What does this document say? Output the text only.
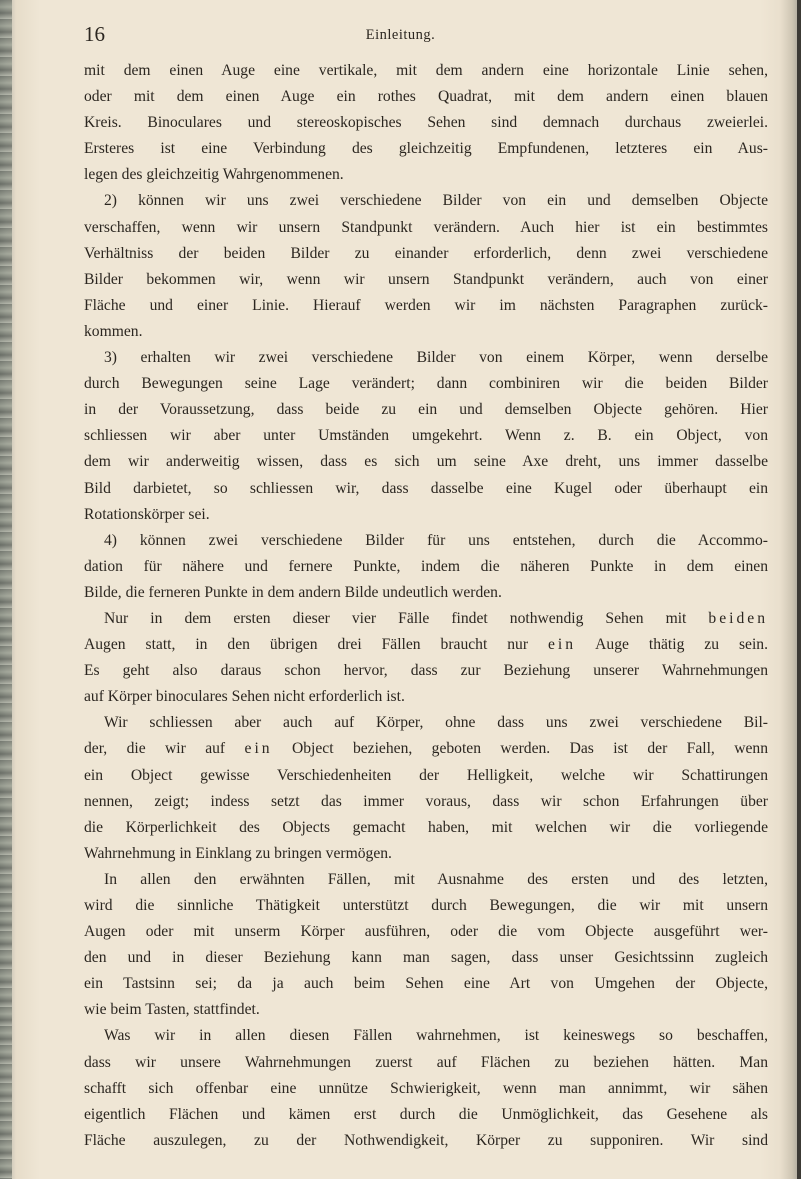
16	Einleitung.
mit dem einen Auge eine vertikale, mit dem andern eine horizontale Linie sehen,
oder mit dem einen Auge ein rothes Quadrat, mit dem andern einen blauen
Kreis. Binoculares und stereoskopisches Sehen sind demnach durchaus zweierlei.
Ersteres ist eine Verbindung des gleichzeitig Empfundenen, letzteres ein Aus-
legen des gleichzeitig Wahrgenommenen.
2) können wir uns zwei verschiedene Bilder von ein und demselben Objecte
verschaffen, wenn wir unsern Standpunkt verändern. Auch hier ist ein bestimmtes
Verhältniss der beiden Bilder zu einander erforderlich, denn zwei verschiedene
Bilder bekommen wir, wenn wir unsern Standpunkt verändern, auch von einer
Fläche und einer Linie. Hierauf werden wir im nächsten Paragraphen zurück-
kommen.
3) erhalten wir zwei verschiedene Bilder von einem Körper, wenn derselbe
durch Bewegungen seine Lage verändert; dann combiniren wir die beiden Bilder
in der Voraussetzung, dass beide zu ein und demselben Objecte gehören. Hier
schliessen wir aber unter Umständen umgekehrt. Wenn z. B. ein Object, von
dem wir anderweitig wissen, dass es sich um seine Axe dreht, uns immer dasselbe
Bild darbietet, so schliessen wir, dass dasselbe eine Kugel oder überhaupt ein
Rotationskörper sei.
4) können zwei verschiedene Bilder für uns entstehen, durch die Accommo-
dation für nähere und fernere Punkte, indem die näheren Punkte in dem einen
Bilde, die ferneren Punkte in dem andern Bilde undeutlich werden.
Nur in dem ersten dieser vier Fälle findet nothwendig Sehen mit beiden
Augen statt, in den übrigen drei Fällen braucht nur ein Auge thätig zu sein.
Es geht also daraus schon hervor, dass zur Beziehung unserer Wahrnehmungen
auf Körper binoculares Sehen nicht erforderlich ist.
Wir schliessen aber auch auf Körper, ohne dass uns zwei verschiedene Bil-
der, die wir auf ein Object beziehen, geboten werden. Das ist der Fall, wenn
ein Object gewisse Verschiedenheiten der Helligkeit, welche wir Schattirungen
nennen, zeigt; indess setzt das immer voraus, dass wir schon Erfahrungen über
die Körperlichkeit des Objects gemacht haben, mit welchen wir die vorliegende
Wahrnehmung in Einklang zu bringen vermögen.
In allen den erwähnten Fällen, mit Ausnahme des ersten und des letzten,
wird die sinnliche Thätigkeit unterstützt durch Bewegungen, die wir mit unsern
Augen oder mit unserm Körper ausführen, oder die vom Objecte ausgeführt wer-
den und in dieser Beziehung kann man sagen, dass unser Gesichtssinn zugleich
ein Tastsinn sei; da ja auch beim Sehen eine Art von Umgehen der Objecte,
wie beim Tasten, stattfindet.
Was wir in allen diesen Fällen wahrnehmen, ist keineswegs so beschaffen,
dass wir unsere Wahrnehmungen zuerst auf Flächen zu beziehen hätten. Man
schafft sich offenbar eine unnütze Schwierigkeit, wenn man annimmt, wir sähen
eigentlich Flächen und kämen erst durch die Unmöglichkeit, das Gesehene als
Fläche auszulegen, zu der Nothwendigkeit, Körper zu supponiren. Wir sind
